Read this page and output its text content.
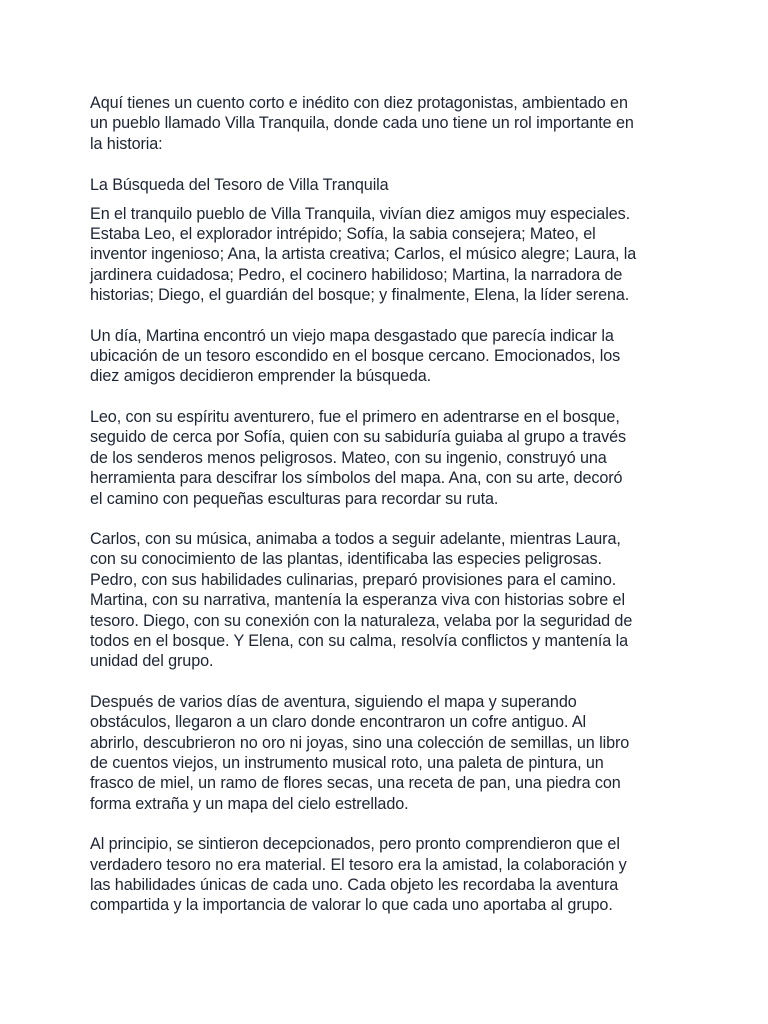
Aquí tienes un cuento corto e inédito con diez protagonistas, ambientado en
un pueblo llamado Villa Tranquila, donde cada uno tiene un rol importante en
la historia:

La Búsqueda del Tesoro de Villa Tranquila

En el tranquilo pueblo de Villa Tranquila, vivían diez amigos muy especiales.
Estaba Leo, el explorador intrépido; Sofía, la sabia consejera; Mateo, el
inventor ingenioso; Ana, la artista creativa; Carlos, el músico alegre; Laura, la
jardinera cuidadosa; Pedro, el cocinero habilidoso; Martina, la narradora de
historias; Diego, el guardián del bosque; y finalmente, Elena, la líder serena.

Un día, Martina encontró un viejo mapa desgastado que parecía indicar la
ubicación de un tesoro escondido en el bosque cercano. Emocionados, los
diez amigos decidieron emprender la búsqueda.

Leo, con su espíritu aventurero, fue el primero en adentrarse en el bosque,
seguido de cerca por Sofía, quien con su sabiduría guiaba al grupo a través
de los senderos menos peligrosos. Mateo, con su ingenio, construyó una
herramienta para descifrar los símbolos del mapa. Ana, con su arte, decoró
el camino con pequeñas esculturas para recordar su ruta.

Carlos, con su música, animaba a todos a seguir adelante, mientras Laura,
con su conocimiento de las plantas, identificaba las especies peligrosas.
Pedro, con sus habilidades culinarias, preparó provisiones para el camino.
Martina, con su narrativa, mantenía la esperanza viva con historias sobre el
tesoro. Diego, con su conexión con la naturaleza, velaba por la seguridad de
todos en el bosque. Y Elena, con su calma, resolvía conflictos y mantenía la
unidad del grupo.

Después de varios días de aventura, siguiendo el mapa y superando
obstáculos, llegaron a un claro donde encontraron un cofre antiguo. Al
abrirlo, descubrieron no oro ni joyas, sino una colección de semillas, un libro
de cuentos viejos, un instrumento musical roto, una paleta de pintura, un
frasco de miel, un ramo de flores secas, una receta de pan, una piedra con
forma extraña y un mapa del cielo estrellado.

Al principio, se sintieron decepcionados, pero pronto comprendieron que el
verdadero tesoro no era material. El tesoro era la amistad, la colaboración y
las habilidades únicas de cada uno. Cada objeto les recordaba la aventura
compartida y la importancia de valorar lo que cada uno aportaba al grupo.
